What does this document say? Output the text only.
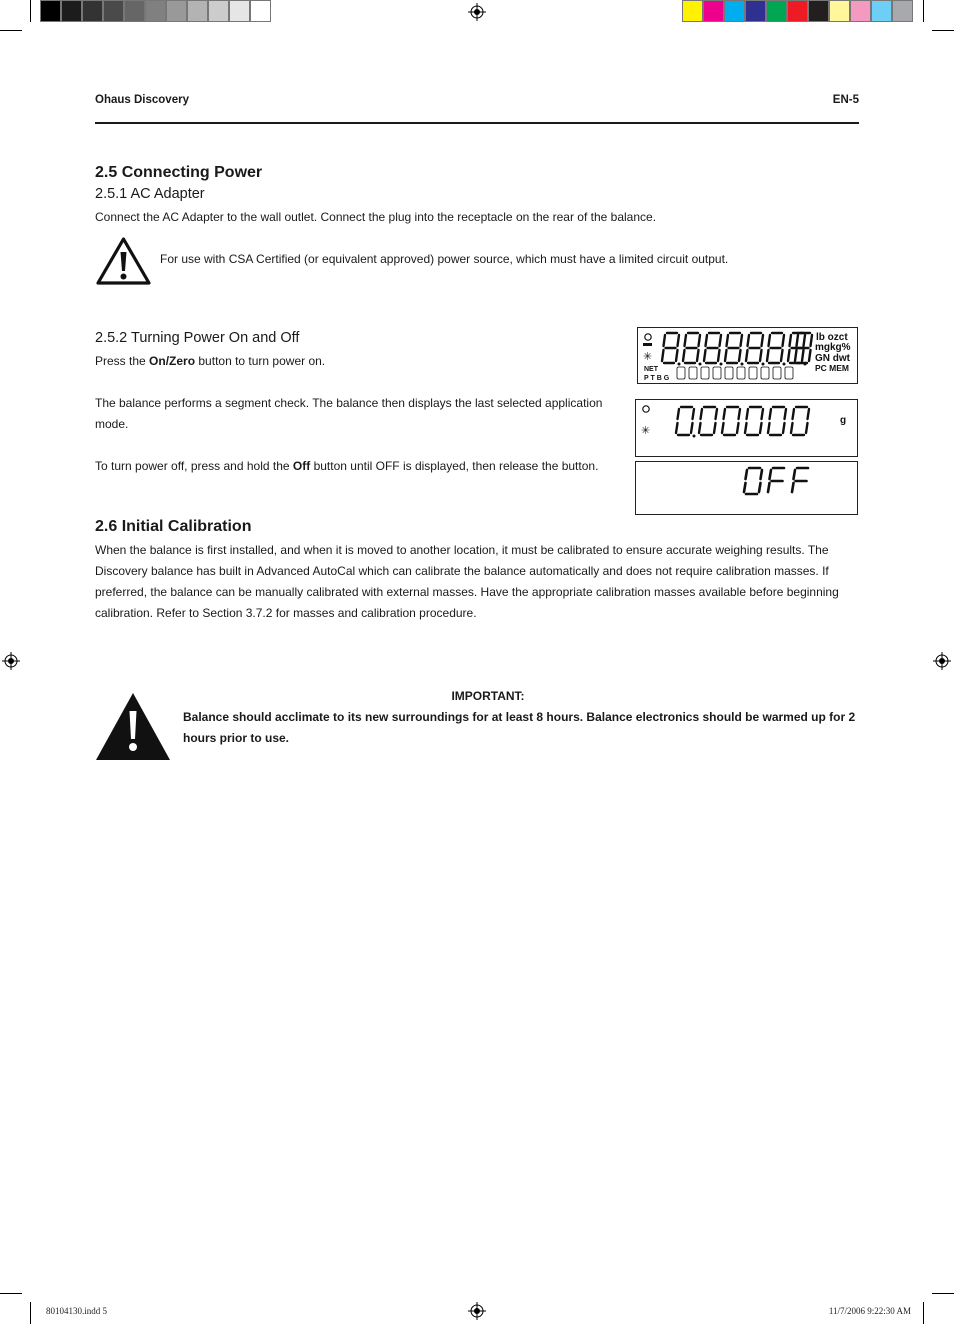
Ohaus Discovery	EN-5
2.5 Connecting Power
2.5.1 AC Adapter
Connect the AC Adapter to the wall outlet. Connect the plug into the receptacle on the rear of the balance.
For use with CSA Certified (or equivalent approved) power source, which must have a limited circuit output.
2.5.2 Turning Power On and Off
Press the On/Zero button to turn power on.
The balance performs a segment check. The balance then displays the last selected application mode.
To turn power off, press and hold the Off button until OFF is displayed, then release the button.
✳
lb ozct
mgkg%
GN dwt
PC MEM
NET
P T B G
✳
g
2.6 Initial Calibration
When the balance is first installed, and when it is moved to another location, it must be calibrated to ensure accurate weighing results. The Discovery balance has built in Advanced AutoCal which can calibrate the balance automatically and does not require calibration masses. If preferred, the balance can be manually calibrated with external masses. Have the appropriate calibration masses available before beginning calibration. Refer to Section 3.7.2 for masses and calibration procedure.
IMPORTANT:
Balance should acclimate to its new surroundings for at least 8 hours. Balance electronics should be warmed up for 2 hours prior to use.
80104130.indd 5	11/7/2006 9:22:30 AM
